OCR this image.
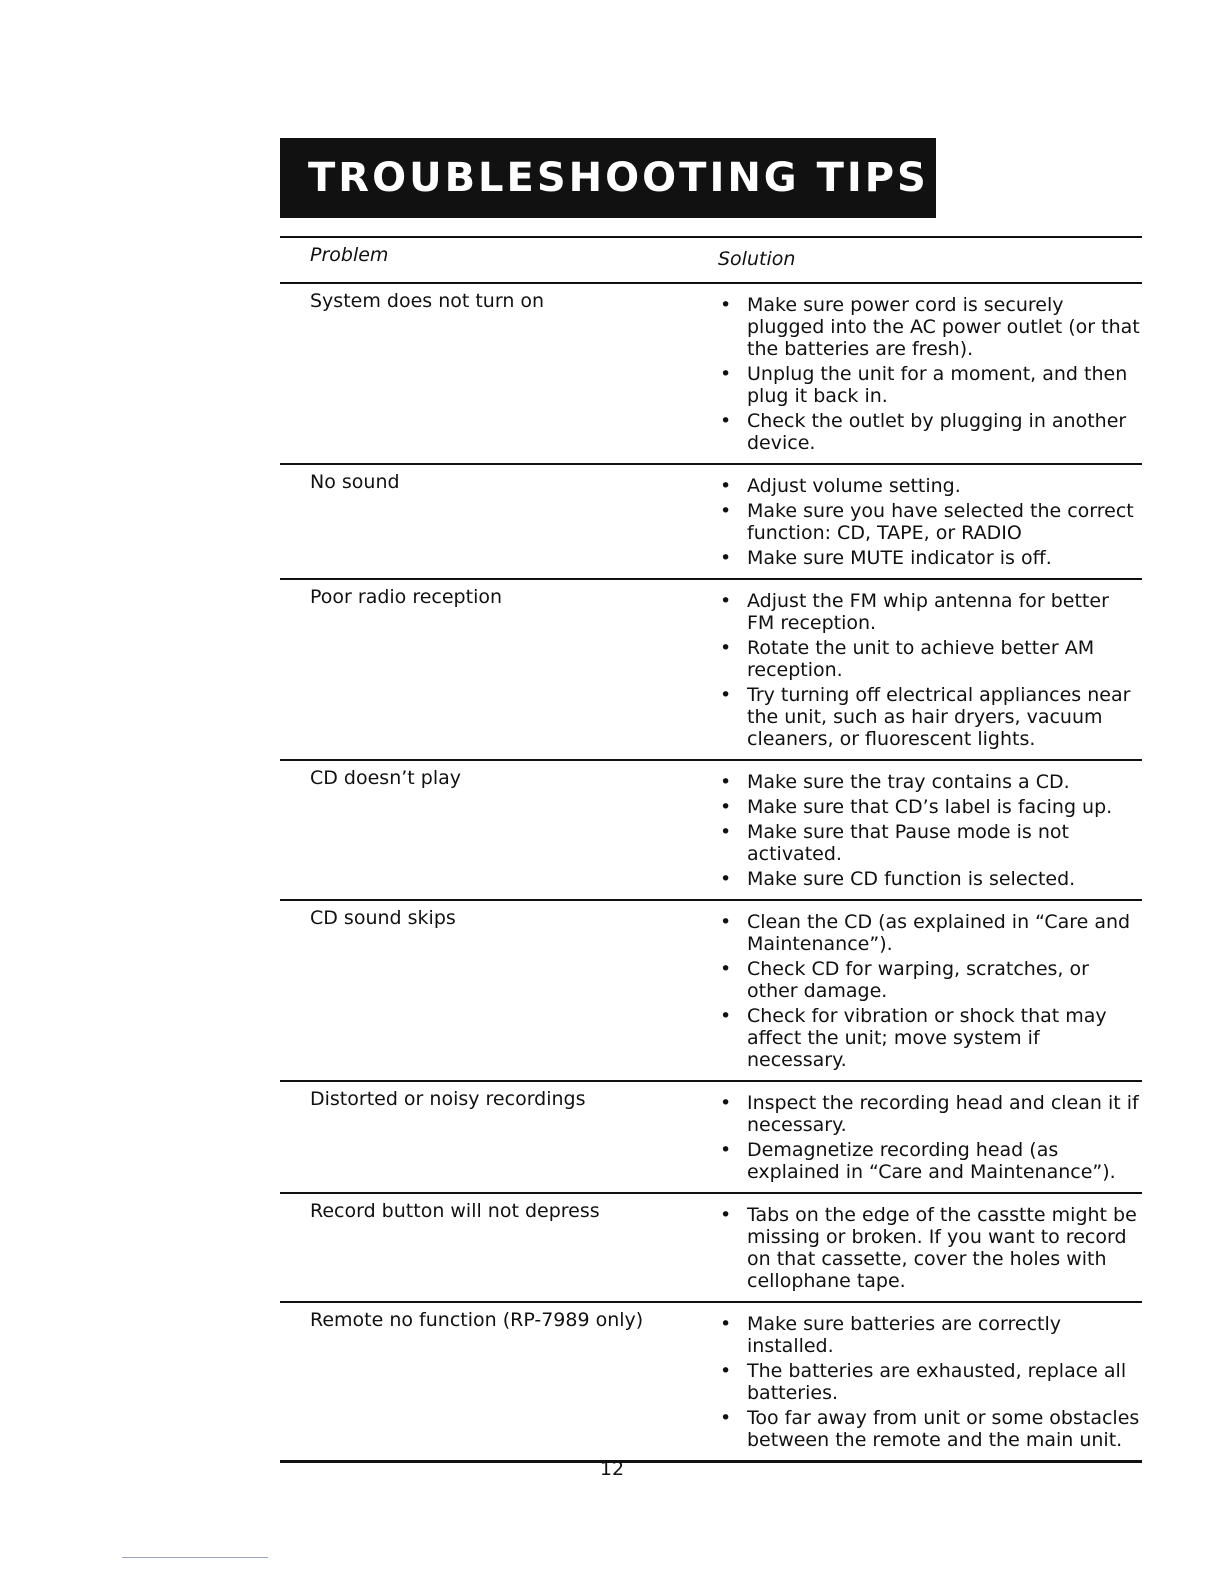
TROUBLESHOOTING TIPS
Problem	Solution
System does not turn on	• Make sure power cord is securely plugged into the AC power outlet (or that the batteries are fresh).
• Unplug the unit for a moment, and then plug it back in.
• Check the outlet by plugging in another device.
No sound	• Adjust volume setting.
• Make sure you have selected the correct function: CD, TAPE, or RADIO
• Make sure MUTE indicator is off.
Poor radio reception	• Adjust the FM whip antenna for better FM reception.
• Rotate the unit to achieve better AM reception.
• Try turning off electrical appliances near the unit, such as hair dryers, vacuum cleaners, or fluorescent lights.
CD doesn’t play	• Make sure the tray contains a CD.
• Make sure that CD’s label is facing up.
• Make sure that Pause mode is not activated.
• Make sure CD function is selected.
CD sound skips	• Clean the CD (as explained in “Care and Maintenance”).
• Check CD for warping, scratches, or other damage.
• Check for vibration or shock that may affect the unit; move system if necessary.
Distorted or noisy recordings	• Inspect the recording head and clean it if necessary.
• Demagnetize recording head (as explained in “Care and Maintenance”).
Record button will not depress	• Tabs on the edge of the casstte might be missing or broken. If you want to record on that cassette, cover the holes with cellophane tape.
Remote no function (RP-7989 only)	• Make sure batteries are correctly installed.
• The batteries are exhausted, replace all batteries.
• Too far away from unit or some obstacles between the remote and the main unit.
12
